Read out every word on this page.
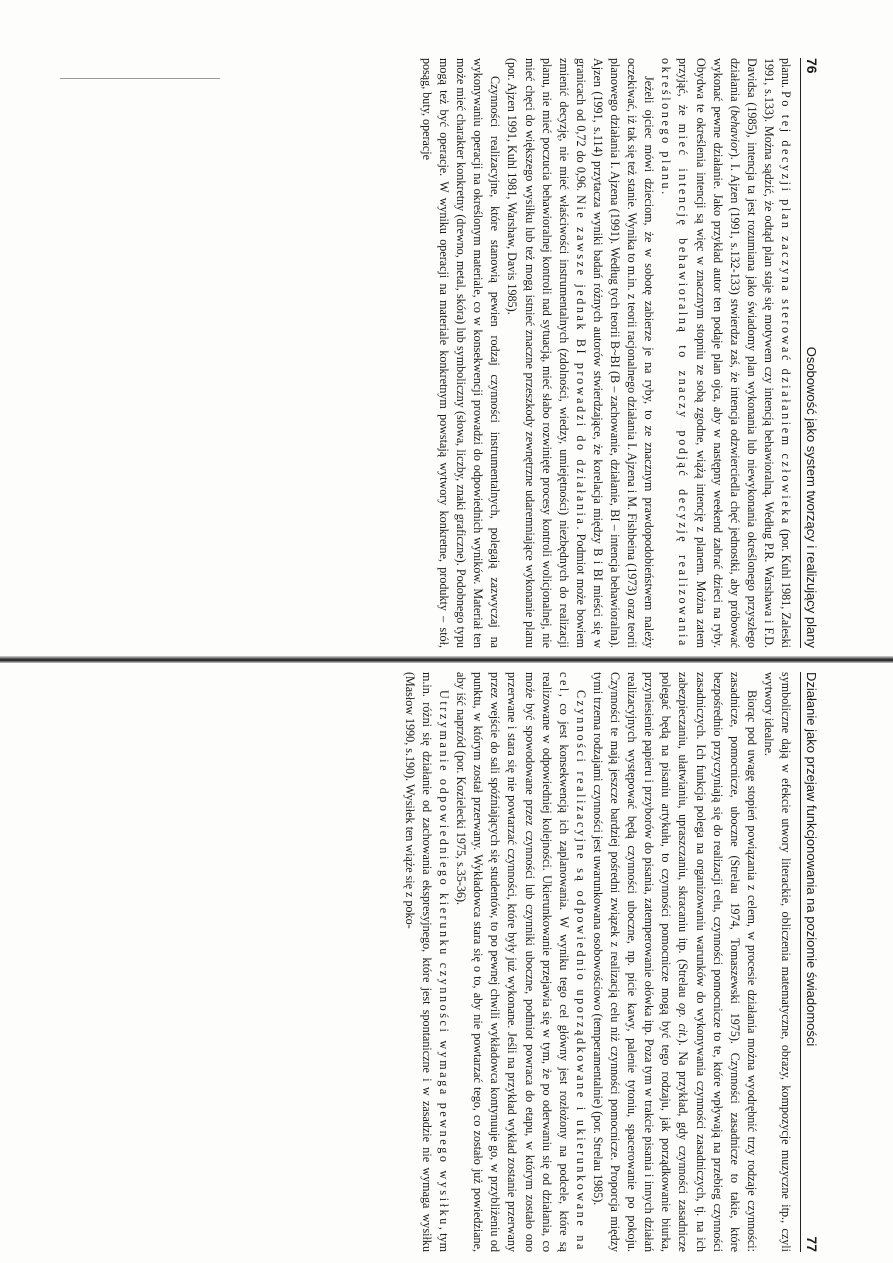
76
Osobowość jako system tworzący i realizujący plany

planu. Po tej decyzji plan zaczyna sterować działaniem człowieka (por. Kuhl 1981, Zaleski 1991, s.133). Można sądzić, że odtąd plan staje się motywem czy intencją behawioralną. Według P.R. Warshawa i F.D. Davidsa (1985), intencja ta jest rozumiana jako świadomy plan wykonania lub niewykonania określonego przyszłego działania (behavior). I. Ajzen (1991, s.132-133) stwierdza zaś, że intencja odzwierciedla chęć jednostki, aby próbować wykonać pewne działanie. Jako przykład autor ten podaje plan ojca, aby w następny weekend zabrać dzieci na ryby. Obydwa te określenia intencji są więc w znacznym stopniu ze sobą zgodne, wiążą intencję z planem. Można zatem przyjąć, że mieć intencję behawioralną to znaczy podjąć decyzję realizowania określonego planu.

Jeżeli ojciec mówi dzieciom, że w sobotę zabierze je na ryby, to ze znacznym prawdopodobieństwem należy oczekiwać, iż tak się też stanie. Wynika to m.in. z teorii racjonalnego działania I. Ajzena i M. Fishbeina (1973) oraz teorii planowego działania I. Ajzena (1991). Według tych teorii B~BI (B – zachowanie, działanie, BI – intencja behawioralna). Ajzen (1991, s.114) przytacza wyniki badań różnych autorów stwierdzające, że korelacja między B i BI mieści się w granicach od 0,72 do 0,96. Nie zawsze jednak BI prowadzi do działania. Podmiot może bowiem zmienić decyzję, nie mieć właściwości instrumentalnych (zdolności, wiedzy, umiejętności) niezbędnych do realizacji planu, nie mieć poczucia behawioralnej kontroli nad sytuacją, mieć słabo rozwinięte procesy kontroli wolicjonalnej, nie mieć chęci do większego wysiłku lub też mogą istnieć znaczne przeszkody zewnętrzne udaremniające wykonanie planu (por. Ajzen 1991, Kuhl 1981, Warshaw, Davis 1985).

Czynności realizacyjne, które stanowią pewien rodzaj czynności instrumentalnych, polegają zazwyczaj na wykonywaniu operacji na określonym materiale, co w konsekwencji prowadzi do odpowiednich wyników. Materiał ten może mieć charakter konkretny (drewno, metal, skóra) lub symboliczny (słowa, liczby, znaki graficzne). Podobnego typu mogą też być operacje. W wyniku operacji na materiale konkretnym powstają wytwory konkretne, produkty – stół, posąg, buty, operacje

Działanie jako przejaw funkcjonowania na poziomie świadomości
77

symboliczne dają w efekcie utwory literackie, obliczenia matematyczne, obrazy, kompozycje muzyczne itp., czyli wytwory idealne.

Biorąc pod uwagę stopień powiązania z celem, w procesie działania można wyodrębnić trzy rodzaje czynności: zasadnicze, pomocnicze, uboczne (Strelau 1974, Tomaszewski 1975). Czynności zasadnicze to takie, które bezpośrednio przyczyniają się do realizacji celu, czynności pomocnicze to te, które wpływają na przebieg czynności zasadniczych. Ich funkcja polega na organizowaniu warunków do wykonywania czynności zasadniczych, tj. na ich zabezpieczaniu, ułatwianiu, upraszczaniu, skracaniu itp. (Strelau op. cit.). Na przykład, gdy czynności zasadnicze polegać będą na pisaniu artykułu, to czynności pomocnicze mogą być tego rodzaju, jak porządkowanie biurka, przyniesienie papieru i przyborów do pisania, zatemperowanie ołówka itp. Poza tym w trakcie pisania i innych działań realizacyjnych występować będą czynności uboczne, np. picie kawy, palenie tytoniu, spacerowanie po pokoju. Czynności te mają jeszcze bardziej pośredni związek z realizacją celu niż czynności pomocnicze. Proporcja między tymi trzema rodzajami czynności jest uwarunkowana osobowościowo (temperamentalnie) (por. Strelau 1985).

Czynności realizacyjne są odpowiednio uporządkowane i ukierunkowane na cel, co jest konsekwencją ich zaplanowania. W wyniku tego cel główny jest rozłożony na podcele, które są realizowane w odpowiedniej kolejności. Ukierunkowanie przejawia się w tym, że po oderwaniu się od działania, co może być spowodowane przez czynności lub czynniki uboczne, podmiot powraca do etapu, w którym zostało ono przerwane i stara się nie powtarzać czynności, które były już wykonane. Jeśli na przykład wykład zostanie przerwany przez wejście do sali spóźniających się studentów, to po pewnej chwili wykładowca kontynuuje go, w przybliżeniu od punktu, w którym został przerwany. Wykładowca stara się o to, aby nie powtarzać tego, co zostało już powiedziane, aby iść naprzód (por. Kozielecki 1975, s.35-36).

Utrzymanie odpowiedniego kierunku czynności wymaga pewnego wysiłku, tym m.in. różni się działanie od zachowania ekspresyjnego, które jest spontaniczne i w zasadzie nie wymaga wysiłku (Masłow 1990, s.190). Wysiłek ten wiąże się z poko-
